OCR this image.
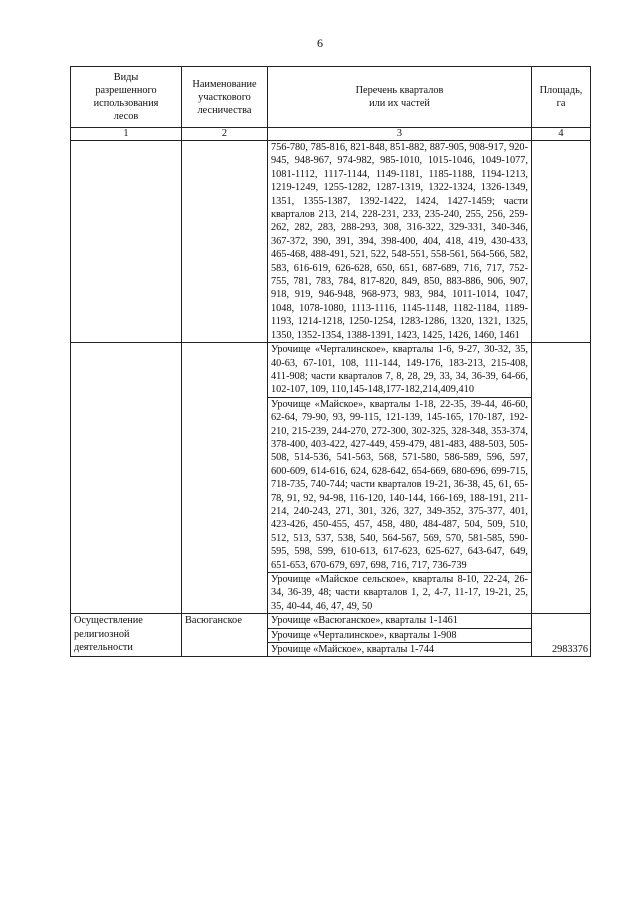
6
Виды
разрешенного
использования
лесов	Наименование
участкового
лесничества	Перечень кварталов
или их частей	Площадь,
га
1	2	3	4
		756-780, 785-816, 821-848, 851-882, 887-905, 908-917, 920-945, 948-967, 974-982, 985-1010, 1015-1046, 1049-1077, 1081-1112, 1117-1144, 1149-1181, 1185-1188, 1194-1213, 1219-1249, 1255-1282, 1287-1319, 1322-1324, 1326-1349, 1351, 1355-1387, 1392-1422, 1424, 1427-1459; части кварталов 213, 214, 228-231, 233, 235-240, 255, 256, 259-262, 282, 283, 288-293, 308, 316-322, 329-331, 340-346, 367-372, 390, 391, 394, 398-400, 404, 418, 419, 430-433, 465-468, 488-491, 521, 522, 548-551, 558-561, 564-566, 582, 583, 616-619, 626-628, 650, 651, 687-689, 716, 717, 752-755, 781, 783, 784, 817-820, 849, 850, 883-886, 906, 907, 918, 919, 946-948, 968-973, 983, 984, 1011-1014, 1047, 1048, 1078-1080, 1113-1116, 1145-1148, 1182-1184, 1189-1193, 1214-1218, 1250-1254, 1283-1286, 1320, 1321, 1325, 1350, 1352-1354, 1388-1391, 1423, 1425, 1426, 1460, 1461	
		Урочище «Черталинское», кварталы 1-6, 9-27, 30-32, 35, 40-63, 67-101, 108, 111-144, 149-176, 183-213, 215-408, 411-908; части кварталов 7, 8, 28, 29, 33, 34, 36-39, 64-66, 102-107, 109, 110,145-148,177-182,214,409,410	
		Урочище «Майское», кварталы 1-18, 22-35, 39-44, 46-60, 62-64, 79-90, 93, 99-115, 121-139, 145-165, 170-187, 192-210, 215-239, 244-270, 272-300, 302-325, 328-348, 353-374, 378-400, 403-422, 427-449, 459-479, 481-483, 488-503, 505-508, 514-536, 541-563, 568, 571-580, 586-589, 596, 597, 600-609, 614-616, 624, 628-642, 654-669, 680-696, 699-715, 718-735, 740-744; части кварталов 19-21, 36-38, 45, 61, 65-78, 91, 92, 94-98, 116-120, 140-144, 166-169, 188-191, 211-214, 240-243, 271, 301, 326, 327, 349-352, 375-377, 401, 423-426, 450-455, 457, 458, 480, 484-487, 504, 509, 510, 512, 513, 537, 538, 540, 564-567, 569, 570, 581-585, 590-595, 598, 599, 610-613, 617-623, 625-627, 643-647, 649, 651-653, 670-679, 697, 698, 716, 717, 736-739	
		Урочище «Майское сельское», кварталы 8-10, 22-24, 26-34, 36-39, 48; части кварталов 1, 2, 4-7, 11-17, 19-21, 25, 35, 40-44, 46, 47, 49, 50	
Осуществление религиозной деятельности	Васюганское	Урочище «Васюганское», кварталы 1-1461	2983376
		Урочище «Черталинское», кварталы 1-908	
		Урочище «Майское», кварталы 1-744	
